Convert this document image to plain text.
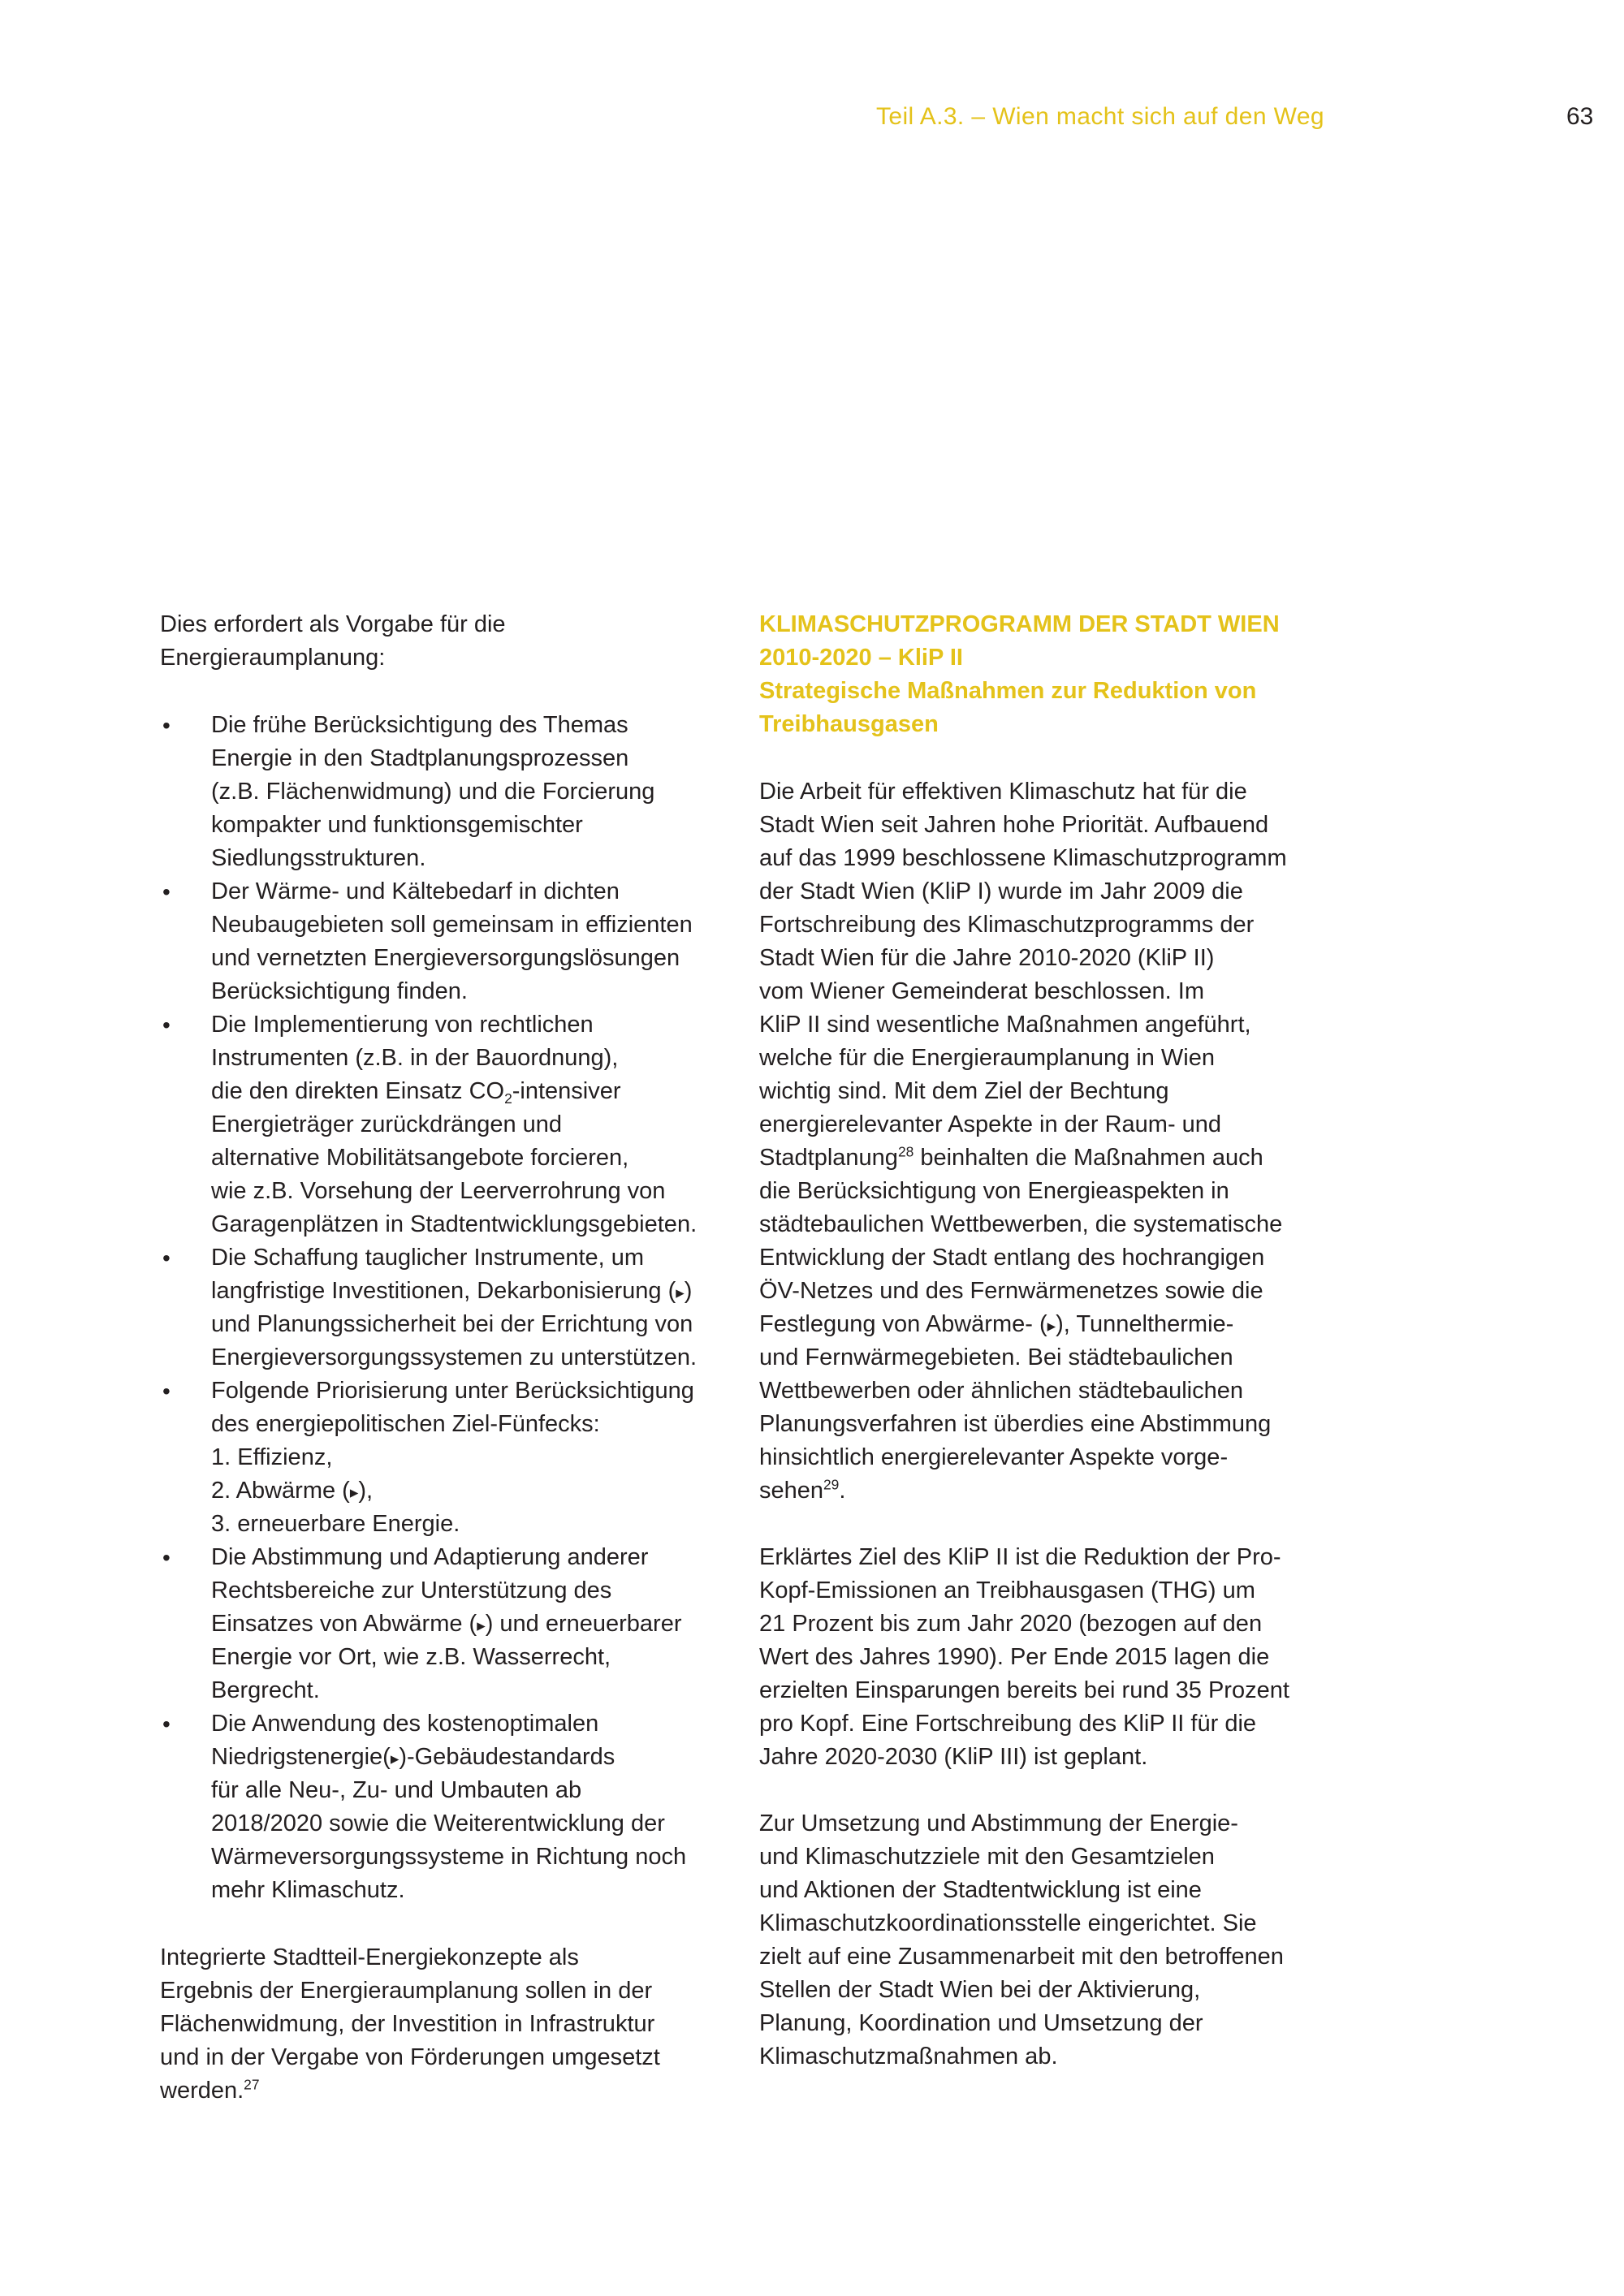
Teil A.3. – Wien macht sich auf den Weg	63
Dies erfordert als Vorgabe für die
Energieraumplanung:
• Die frühe Berücksichtigung des Themas
Energie in den Stadtplanungsprozessen
(z.B. Flächenwidmung) und die Forcierung
kompakter und funktionsgemischter
Siedlungsstrukturen.
• Der Wärme- und Kältebedarf in dichten
Neubaugebieten soll gemeinsam in effizienten
und vernetzten Energieversorgungslösungen
Berücksichtigung finden.
• Die Implementierung von rechtlichen
Instrumenten (z.B. in der Bauordnung),
die den direkten Einsatz $CO_2$-intensiver
Energieträger zurückdrängen und
alternative Mobilitätsangebote forcieren,
wie z.B. Vorsehung der Leerverrohrung von
Garagenplätzen in Stadtentwicklungsgebieten.
• Die Schaffung tauglicher Instrumente, um
langfristige Investitionen, Dekarbonisierung (▸)
und Planungssicherheit bei der Errichtung von
Energieversorgungssystemen zu unterstützen.
• Folgende Priorisierung unter Berücksichtigung
des energiepolitischen Ziel-Fünfecks:
1. Effizienz,
2. Abwärme (▸),
3. erneuerbare Energie.
• Die Abstimmung und Adaptierung anderer
Rechtsbereiche zur Unterstützung des
Einsatzes von Abwärme (▸) und erneuerbarer
Energie vor Ort, wie z.B. Wasserrecht,
Bergrecht.
• Die Anwendung des kostenoptimalen
Niedrigstenergie(▸)-Gebäudestandards
für alle Neu-, Zu- und Umbauten ab
2018/2020 sowie die Weiterentwicklung der
Wärmeversorgungssysteme in Richtung noch
mehr Klimaschutz.
Integrierte Stadtteil-Energiekonzepte als
Ergebnis der Energieraumplanung sollen in der
Flächenwidmung, der Investition in Infrastruktur
und in der Vergabe von Förderungen umgesetzt
werden.$^{27}$
KLIMASCHUTZPROGRAMM DER STADT WIEN
2010-2020 – KliP II
Strategische Maßnahmen zur Reduktion von
Treibhausgasen
Die Arbeit für effektiven Klimaschutz hat für die
Stadt Wien seit Jahren hohe Priorität. Aufbauend
auf das 1999 beschlossene Klimaschutzprogramm
der Stadt Wien (KliP I) wurde im Jahr 2009 die
Fortschreibung des Klimaschutzprogramms der
Stadt Wien für die Jahre 2010-2020 (KliP II)
vom Wiener Gemeinderat beschlossen. Im
KliP II sind wesentliche Maßnahmen angeführt,
welche für die Energieraumplanung in Wien
wichtig sind. Mit dem Ziel der Bechtung
energierelevanter Aspekte in der Raum- und
Stadtplanung$^{28}$ beinhalten die Maßnahmen auch
die Berücksichtigung von Energieaspekten in
städtebaulichen Wettbewerben, die systematische
Entwicklung der Stadt entlang des hochrangigen
ÖV-Netzes und des Fernwärmenetzes sowie die
Festlegung von Abwärme- (▸), Tunnelthermie-
und Fernwärmegebieten. Bei städtebaulichen
Wettbewerben oder ähnlichen städtebaulichen
Planungsverfahren ist überdies eine Abstimmung
hinsichtlich energierelevanter Aspekte vorge-
sehen$^{29}$.
Erklärtes Ziel des KliP II ist die Reduktion der Pro-
Kopf-Emissionen an Treibhausgasen (THG) um
21 Prozent bis zum Jahr 2020 (bezogen auf den
Wert des Jahres 1990). Per Ende 2015 lagen die
erzielten Einsparungen bereits bei rund 35 Prozent
pro Kopf. Eine Fortschreibung des KliP II für die
Jahre 2020-2030 (KliP III) ist geplant.
Zur Umsetzung und Abstimmung der Energie-
und Klimaschutzziele mit den Gesamtzielen
und Aktionen der Stadtentwicklung ist eine
Klimaschutzkoordinationsstelle eingerichtet. Sie
zielt auf eine Zusammenarbeit mit den betroffenen
Stellen der Stadt Wien bei der Aktivierung,
Planung, Koordination und Umsetzung der
Klimaschutzmaßnahmen ab.
